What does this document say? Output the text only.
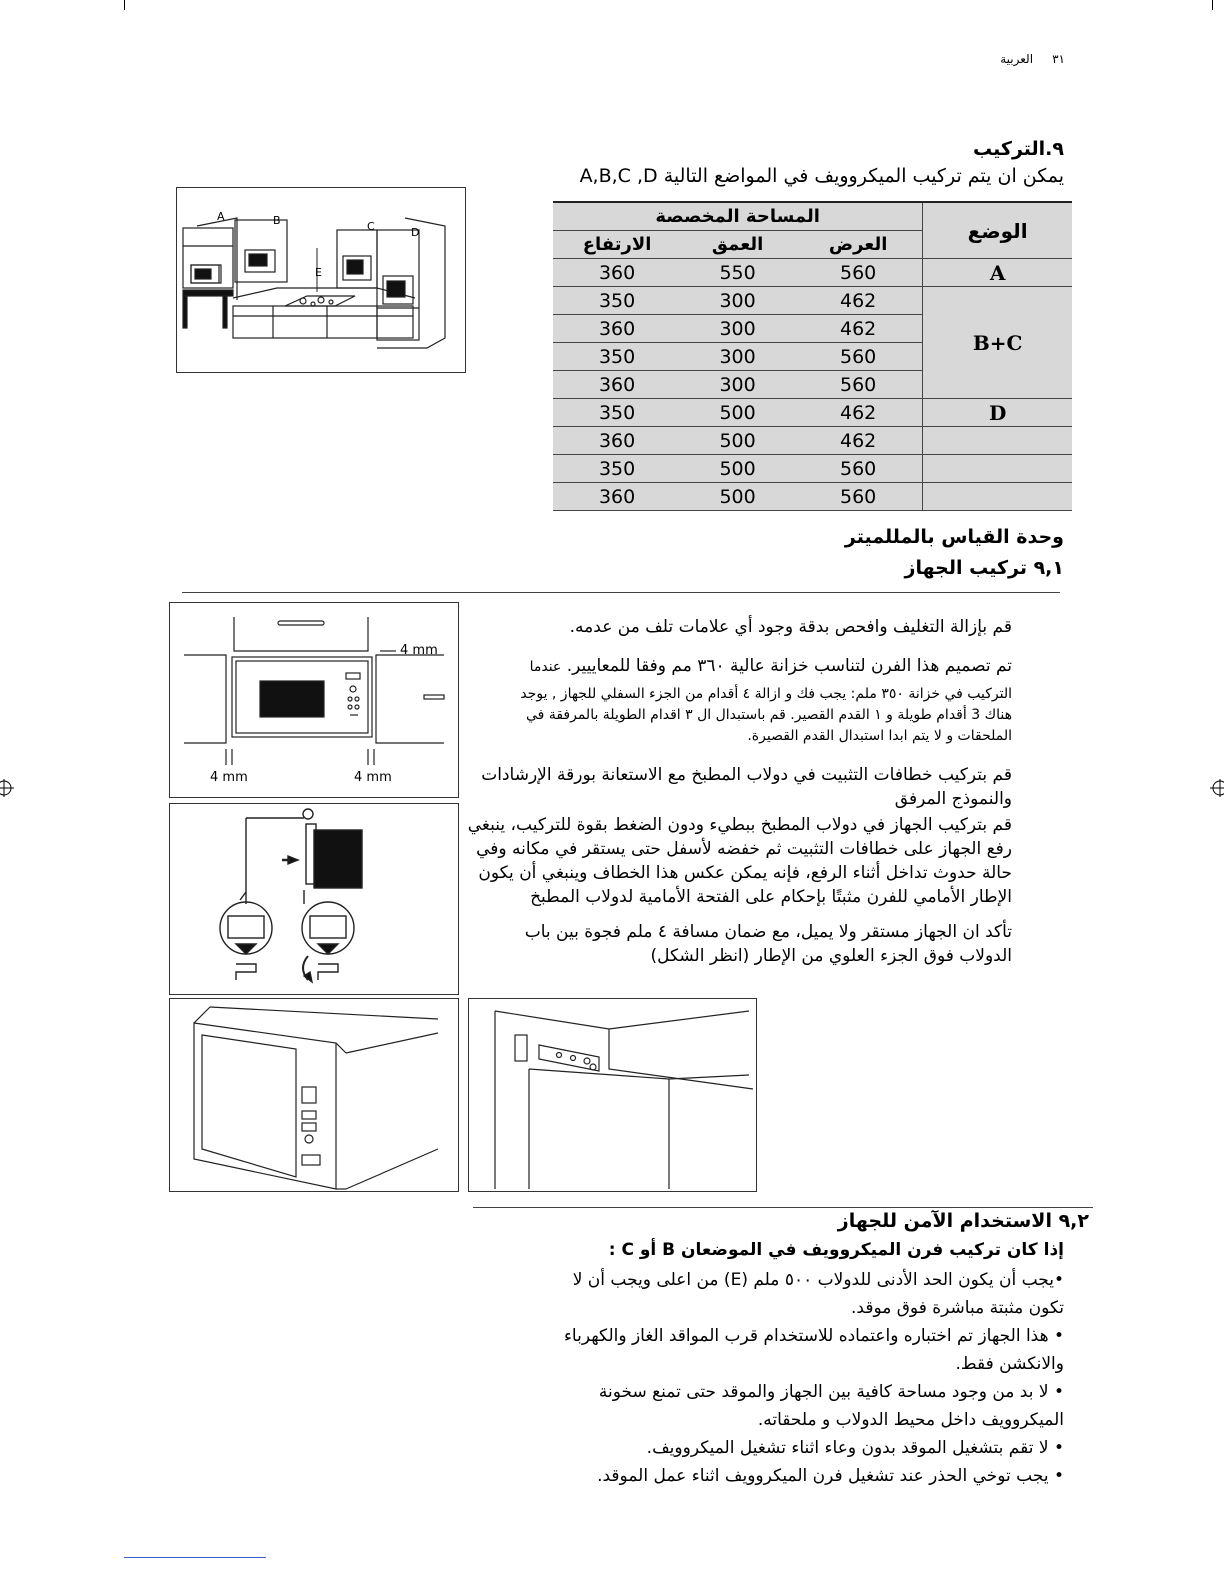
٣١     العربية
٩.التركيب
يمكن ان يتم تركيب الميكروويف في المواضع التالية A,B,C ,D
A	B	C	D
E
المساحة المخصصة			الوضع
الارتفاع	العمق	العرض	
360	550	560	A
350	300	462	B+C
360	300	462	
350	300	560	
360	300	560	
350	500	462	D
360	500	462	
350	500	560	
360	500	560	
وحدة القياس بالمللميتر
٩,١ تركيب الجهاز
قم بإزالة التغليف وافحص بدقة وجود أي علامات تلف من عدمه.
تم تصميم هذا الفرن لتناسب خزانة عالية ٣٦٠ مم وفقا للمعاييير. عندما
التركيب في خزانة ٣٥٠ ملم: يجب فك و ازالة ٤ أقدام من الجزء السفلي للجهاز , يوجد
هناك 3 أقدام طويلة و ١ القدم القصير. قم باستبدال ال ٣ اقدام الطويلة بالمرفقة في
الملحقات و لا يتم ابدا استبدال القدم القصيرة.
قم بتركيب خطافات التثبيت في دولاب المطبخ مع الاستعانة بورقة الإرشادات
والنموذج المرفق
قم بتركيب الجهاز في دولاب المطبخ ببطيء ودون الضغط بقوة للتركيب، ينبغي
رفع الجهاز على خطافات التثبيت ثم خفضه لأسفل حتى يستقر في مكانه وفي
حالة حدوث تداخل أثناء الرفع، فإنه يمكن عكس هذا الخطاف وينبغي أن يكون
الإطار الأمامي للفرن مثبتًا بإحكام على الفتحة الأمامية لدولاب المطبخ
تأكد ان الجهاز مستقر ولا يميل، مع ضمان مسافة ٤ ملم فجوة بين باب
الدولاب فوق الجزء العلوي من الإطار (انظر الشكل)
4 mm
4 mm	4 mm
٩,٢ الاستخدام الآمن للجهاز
إذا كان تركيب فرن الميكروويف في الموضعان B أو C :
•يجب أن يكون الحد الأدنى للدولاب ٥٠٠ ملم (E) من اعلى ويجب أن لا
تكون مثبتة مباشرة فوق موقد.
• هذا الجهاز تم اختباره واعتماده للاستخدام قرب المواقد الغاز والكهرباء
والانكشن فقط.
• لا بد من وجود مساحة كافية بين الجهاز والموقد حتى تمنع سخونة
الميكروويف داخل محيط الدولاب و ملحقاته.
• لا تقم بتشغيل الموقد بدون وعاء اثناء تشغيل الميكروويف.
• يجب توخي الحذر عند تشغيل فرن الميكروويف اثناء عمل الموقد.
